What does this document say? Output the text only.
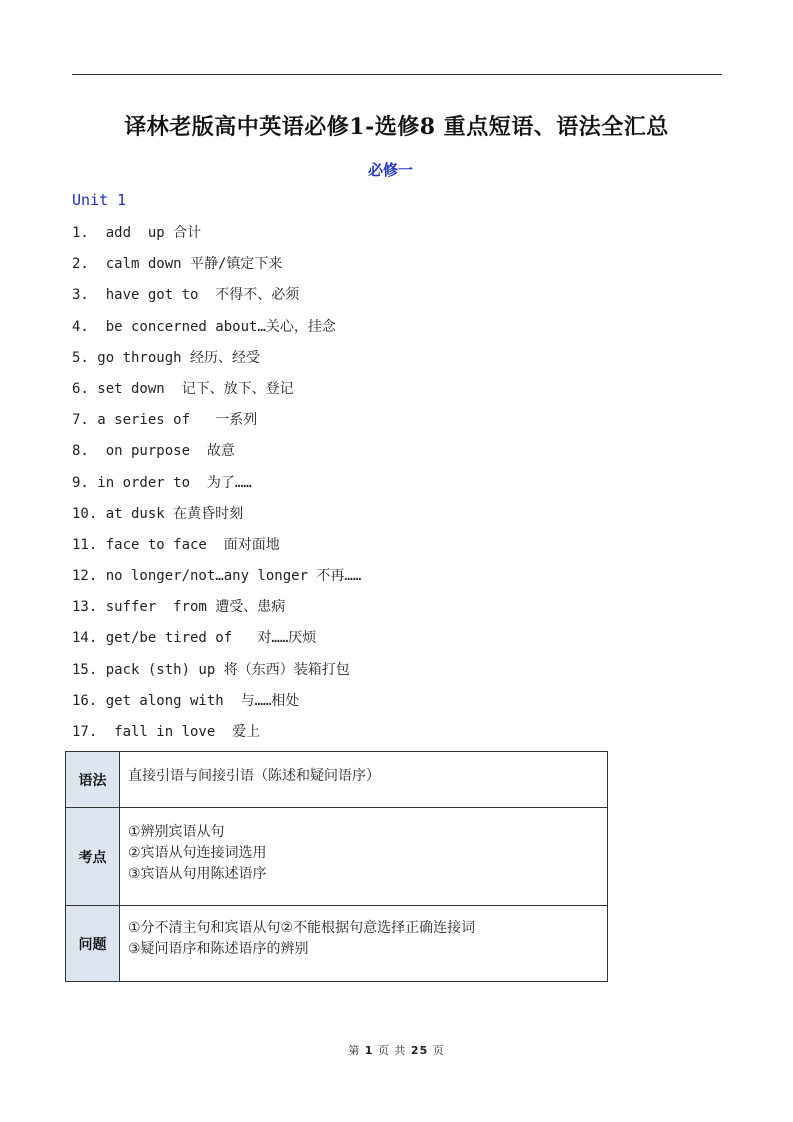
译林老版高中英语必修1-选修8 重点短语、语法全汇总
必修一
Unit 1
1.  add  up 合计
2.  calm down 平静/镇定下来
3.  have got to  不得不、必须
4.  be concerned about…关心，挂念
5. go through 经历、经受
6. set down  记下、放下、登记
7. a series of   一系列
8.  on purpose  故意
9. in order to  为了……
10. at dusk 在黄昏时刻
11. face to face  面对面地
12. no longer/not…any longer 不再……
13. suffer  from 遭受、患病
14. get/be tired of   对……厌烦
15. pack (sth) up 将（东西）装箱打包
16. get along with  与……相处
17.  fall in love  爱上
语法	直接引语与间接引语（陈述和疑问语序）

考点	①辨别宾语从句
②宾语从句连接词选用
③宾语从句用陈述语序

问题	①分不清主句和宾语从句②不能根据句意选择正确连接词
③疑问语序和陈述语序的辨别
第 1 页 共 25 页
